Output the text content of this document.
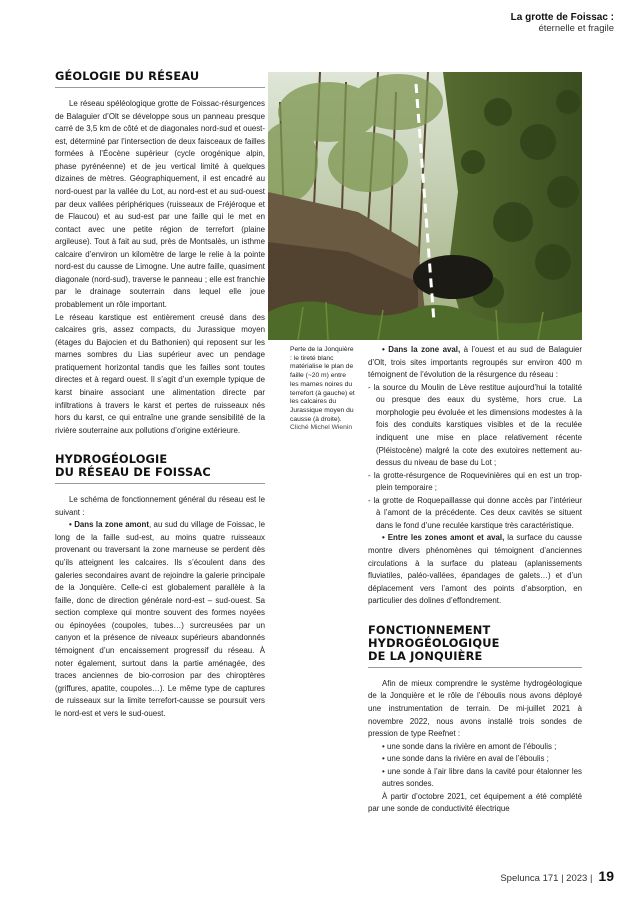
La grotte de Foissac :
éternelle et fragile
GÉOLOGIE DU RÉSEAU

Le réseau spéléologique grotte de Foissac-résurgences de Balaguier d’Olt se développe sous un panneau presque carré de 3,5 km de côté et de diagonales nord-sud et ouest-est, déterminé par l’intersection de deux faisceaux de failles formées à l’Éocène supérieur (cycle orogénique alpin, phase pyrénéenne) et de jeu vertical limité à quelques dizaines de mètres. Géographiquement, il est encadré au nord-ouest par la vallée du Lot, au nord-est et au sud-ouest par deux vallées périphériques (ruisseaux de Fréjéroque et de Flaucou) et au sud-est par une faille qui le met en contact avec une petite région de terrefort (plaine argileuse). Tout à fait au sud, près de Montsalès, un isthme calcaire d’environ un kilomètre de large le relie à la pointe nord-est du causse de Limogne. Une autre faille, quasiment diagonale (nord-sud), traverse le panneau ; elle est franchie par le drainage souterrain dans lequel elle joue probablement un rôle important.

Le réseau karstique est entièrement creusé dans des calcaires gris, assez compacts, du Jurassique moyen (étages du Bajocien et du Bathonien) qui reposent sur les marnes sombres du Lias supérieur avec un pendage pratiquement horizontal tandis que les failles sont toutes directes et à regard ouest. Il s’agit d’un exemple typique de karst binaire associant une alimentation directe par infiltrations à travers le karst et pertes de ruisseaux nés hors du karst, ce qui entraîne une grande sensibilité de la rivière souterraine aux pollutions d’origine extérieure.

HYDROGÉOLOGIE
DU RÉSEAU DE FOISSAC

Le schéma de fonctionnement général du réseau est le suivant :

• Dans la zone amont, au sud du village de Foissac, le long de la faille sud-est, au moins quatre ruisseaux provenant ou traversant la zone marneuse se perdent dès qu’ils atteignent les calcaires. Ils s’écoulent dans des galeries secondaires avant de rejoindre la galerie principale de la Jonquière. Celle-ci est globalement parallèle à la faille, donc de direction générale nord-est – sud-ouest. Sa section complexe qui montre souvent des formes noyées ou épinoyées (coupoles, tubes…) surcreusées par un canyon et la présence de niveaux supérieurs abandonnés témoignent d’un encaissement progressif du réseau. À noter également, surtout dans la partie aménagée, des traces anciennes de bio-corrosion par des chiroptères (griffures, apatite, coupoles…). Le même type de captures de ruisseaux sur la limite terrefort-causse se poursuit vers le nord-est et vers le sud-ouest.

Perte de la Jonquière : le tireté blanc matérialise le plan de faille (~20 m) entre les marnes noires du terrefort (à gauche) et les calcaires du Jurassique moyen du causse (à droite). Cliché Michel Wienin

• Dans la zone aval, à l’ouest et au sud de Balaguier d’Olt, trois sites importants regroupés sur environ 400 m témoignent de l’évolution de la résurgence du réseau :

- la source du Moulin de Lève restitue aujourd’hui la totalité ou presque des eaux du système, hors crue. La morphologie peu évoluée et les dimensions modestes à la fois des conduits karstiques visibles et de la reculée indiquent une mise en place relativement récente (Pléistocène) malgré la cote des exutoires nettement au-dessus du niveau de base du Lot ;
- la grotte-résurgence de Roquevinières qui en est un trop-plein temporaire ;
- la grotte de Roquepaillasse qui donne accès par l’intérieur à l’amont de la précédente. Ces deux cavités se situent dans le fond d’une reculée karstique très caractéristique.

• Entre les zones amont et aval, la surface du causse montre divers phénomènes qui témoignent d’anciennes circulations à la surface du plateau (aplanissements fluviatiles, paléo-vallées, épandages de galets…) et d’un déplacement vers l’amont des points d’absorption, en particulier des dolines d’effondrement.

FONCTIONNEMENT
HYDROGÉOLOGIQUE
DE LA JONQUIÈRE

Afin de mieux comprendre le système hydrogéologique de la Jonquière et le rôle de l’éboulis nous avons déployé une instrumentation de terrain. De mi-juillet 2021 à novembre 2022, nous avons installé trois sondes de pression de type Reefnet :

• une sonde dans la rivière en amont de l’éboulis ;
• une sonde dans la rivière en aval de l’éboulis ;
• une sonde à l’air libre dans la cavité pour étalonner les autres sondes.

À partir d’octobre 2021, cet équipement a été complété par une sonde de conductivité électrique

Spelunca 171 | 2023 | 19
